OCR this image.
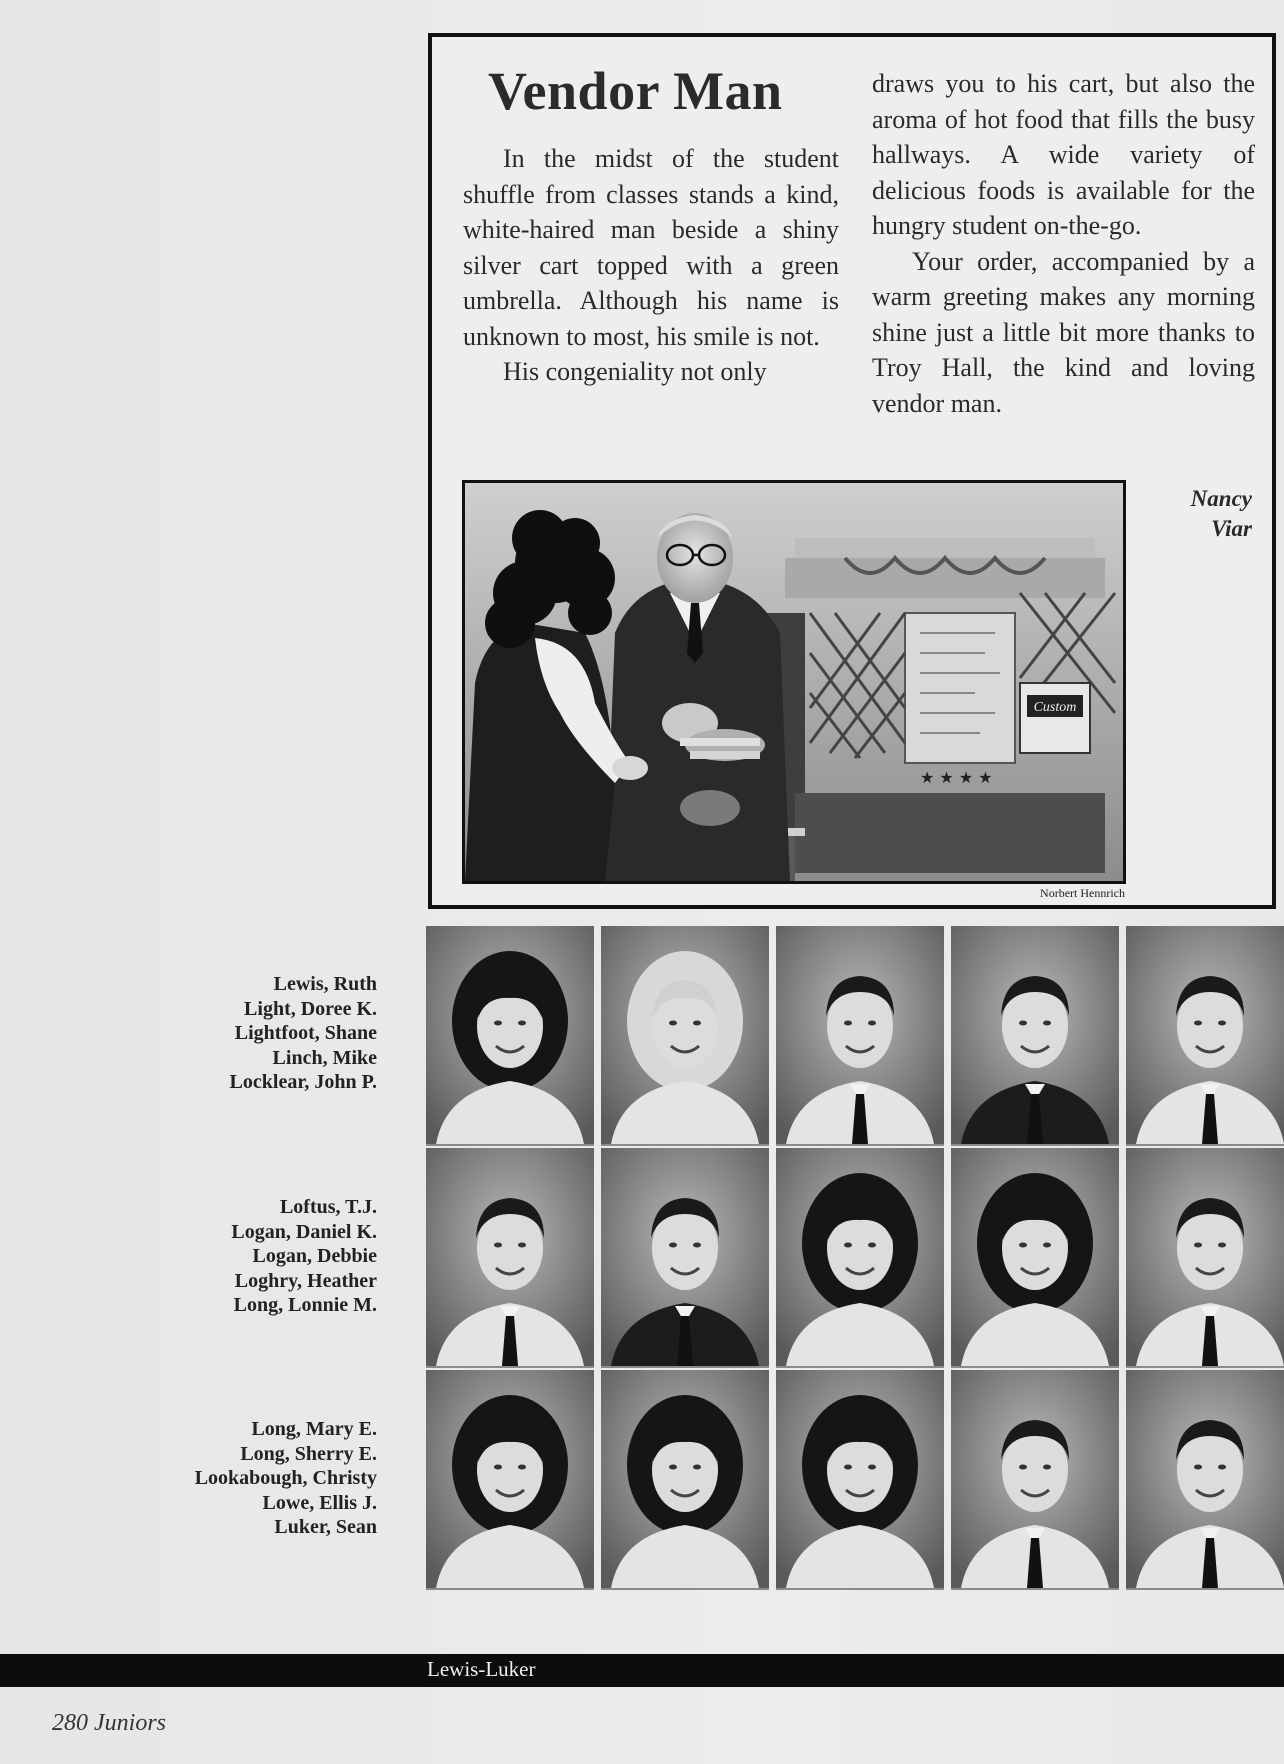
Vendor Man

In the midst of the student shuffle from classes stands a kind, white-haired man beside a shiny silver cart topped with a green umbrella. Although his name is unknown to most, his smile is not.

His congeniality not only

draws you to his cart, but also the aroma of hot food that fills the busy hallways. A wide variety of delicious foods is available for the hungry student on-the-go.

Your order, accompanied by a warm greeting makes any morning shine just a little bit more thanks to Troy Hall, the kind and loving vendor man.

Custom
★ ★ ★ ★
Norbert Hennrich
Nancy
Viar
Lewis, Ruth
Light, Doree K.
Lightfoot, Shane
Linch, Mike
Locklear, John P.
Loftus, T.J.
Logan, Daniel K.
Logan, Debbie
Loghry, Heather
Long, Lonnie M.
Long, Mary E.
Long, Sherry E.
Lookabough, Christy
Lowe, Ellis J.
Luker, Sean
Lewis-Luker
280 Juniors
